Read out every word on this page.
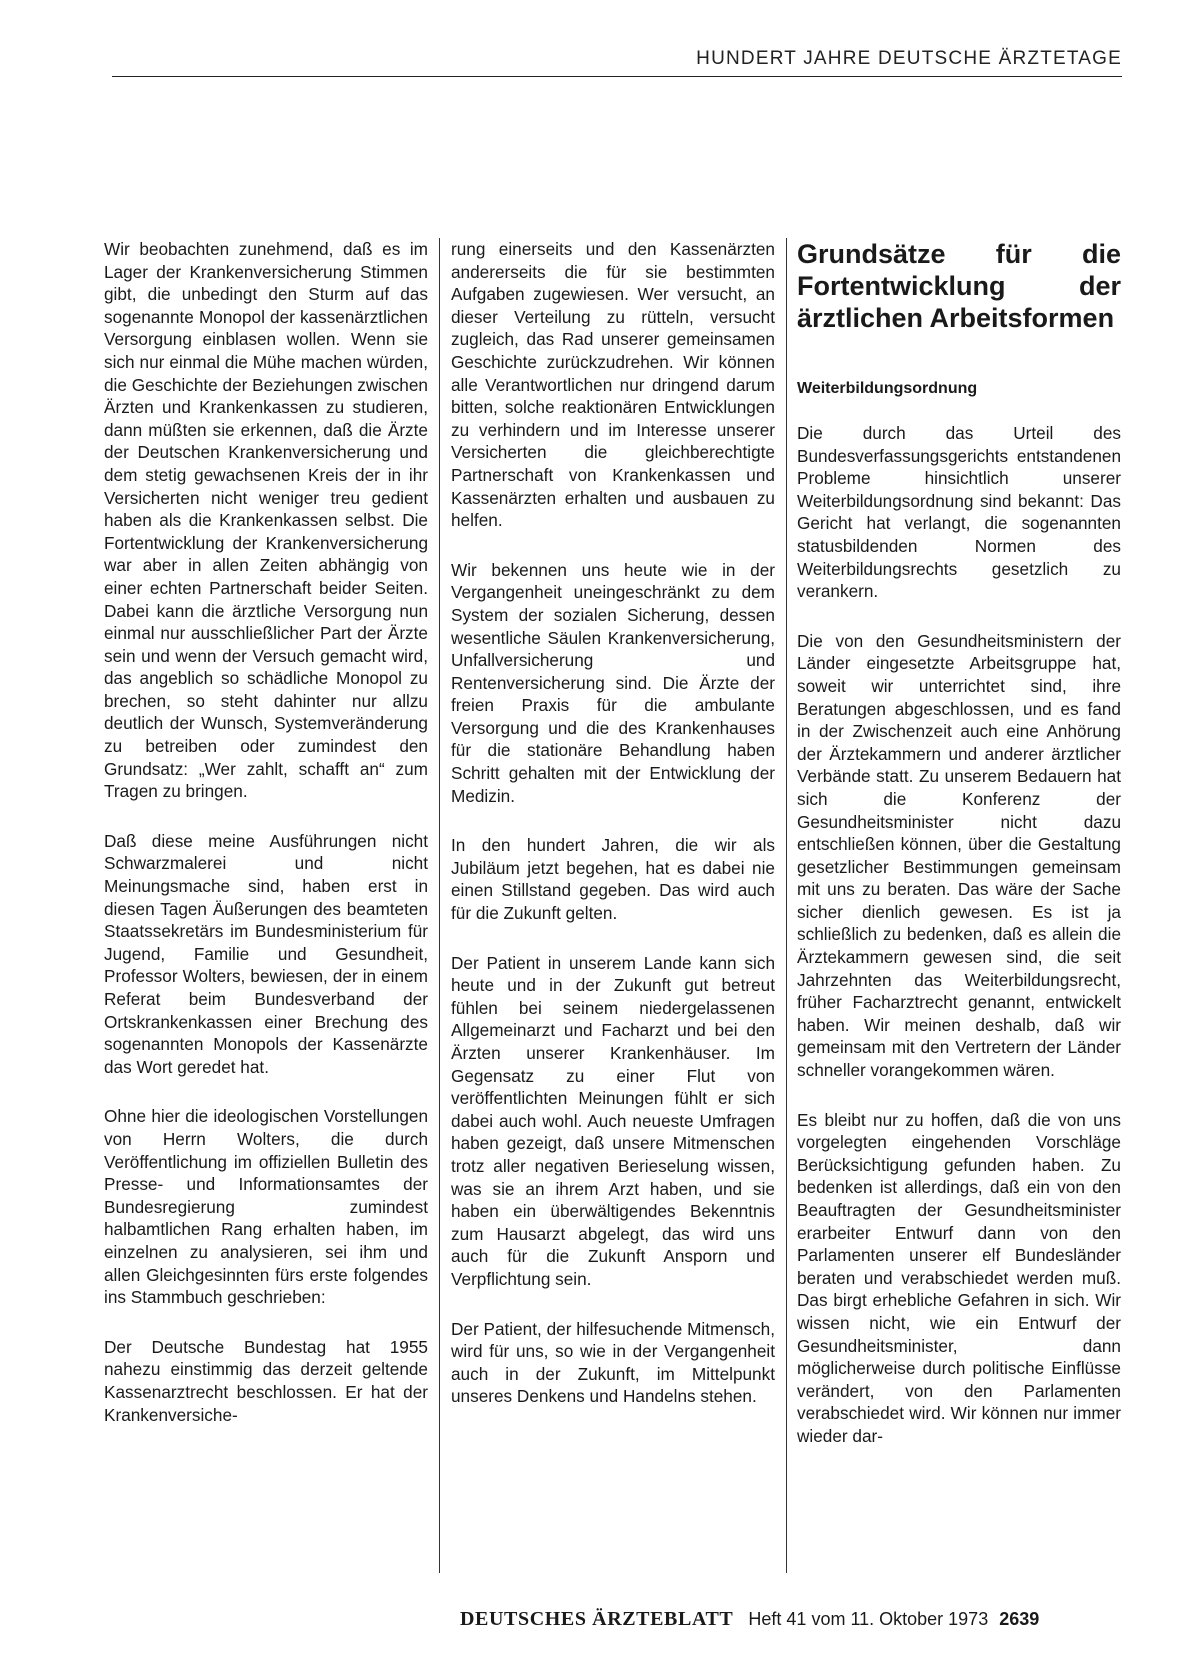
HUNDERT JAHRE DEUTSCHE ÄRZTETAGE

Wir beobachten zunehmend, daß es im Lager der Krankenversicherung Stimmen gibt, die unbedingt den Sturm auf das sogenannte Monopol der kassenärztlichen Versorgung einblasen wollen. Wenn sie sich nur einmal die Mühe machen würden, die Geschichte der Beziehungen zwischen Ärzten und Krankenkassen zu studieren, dann müßten sie erkennen, daß die Ärzte der Deutschen Krankenversicherung und dem stetig gewachsenen Kreis der in ihr Versicherten nicht weniger treu gedient haben als die Krankenkassen selbst. Die Fortentwicklung der Krankenversicherung war aber in allen Zeiten abhängig von einer echten Partnerschaft beider Seiten. Dabei kann die ärztliche Versorgung nun einmal nur ausschließlicher Part der Ärzte sein und wenn der Versuch gemacht wird, das angeblich so schädliche Monopol zu brechen, so steht dahinter nur allzu deutlich der Wunsch, Systemveränderung zu betreiben oder zumindest den Grundsatz: „Wer zahlt, schafft an“ zum Tragen zu bringen.

Daß diese meine Ausführungen nicht Schwarzmalerei und nicht Meinungsmache sind, haben erst in diesen Tagen Äußerungen des beamteten Staatssekretärs im Bundesministerium für Jugend, Familie und Gesundheit, Professor Wolters, bewiesen, der in einem Referat beim Bundesverband der Ortskrankenkassen einer Brechung des sogenannten Monopols der Kassenärzte das Wort geredet hat.

Ohne hier die ideologischen Vorstellungen von Herrn Wolters, die durch Veröffentlichung im offiziellen Bulletin des Presse- und Informationsamtes der Bundesregierung zumindest halbamtlichen Rang erhalten haben, im einzelnen zu analysieren, sei ihm und allen Gleichgesinnten fürs erste folgendes ins Stammbuch geschrieben:

Der Deutsche Bundestag hat 1955 nahezu einstimmig das derzeit geltende Kassenarztrecht beschlossen. Er hat der Krankenversiche-

rung einerseits und den Kassenärzten andererseits die für sie bestimmten Aufgaben zugewiesen. Wer versucht, an dieser Verteilung zu rütteln, versucht zugleich, das Rad unserer gemeinsamen Geschichte zurückzudrehen. Wir können alle Verantwortlichen nur dringend darum bitten, solche reaktionären Entwicklungen zu verhindern und im Interesse unserer Versicherten die gleichberechtigte Partnerschaft von Krankenkassen und Kassenärzten erhalten und ausbauen zu helfen.

Wir bekennen uns heute wie in der Vergangenheit uneingeschränkt zu dem System der sozialen Sicherung, dessen wesentliche Säulen Krankenversicherung, Unfallversicherung und Rentenversicherung sind. Die Ärzte der freien Praxis für die ambulante Versorgung und die des Krankenhauses für die stationäre Behandlung haben Schritt gehalten mit der Entwicklung der Medizin.

In den hundert Jahren, die wir als Jubiläum jetzt begehen, hat es dabei nie einen Stillstand gegeben. Das wird auch für die Zukunft gelten.

Der Patient in unserem Lande kann sich heute und in der Zukunft gut betreut fühlen bei seinem niedergelassenen Allgemeinarzt und Facharzt und bei den Ärzten unserer Krankenhäuser. Im Gegensatz zu einer Flut von veröffentlichten Meinungen fühlt er sich dabei auch wohl. Auch neueste Umfragen haben gezeigt, daß unsere Mitmenschen trotz aller negativen Berieselung wissen, was sie an ihrem Arzt haben, und sie haben ein überwältigendes Bekenntnis zum Hausarzt abgelegt, das wird uns auch für die Zukunft Ansporn und Verpflichtung sein.

Der Patient, der hilfesuchende Mitmensch, wird für uns, so wie in der Vergangenheit auch in der Zukunft, im Mittelpunkt unseres Denkens und Handelns stehen.

Grundsätze für die Fortentwicklung der ärztlichen Arbeitsformen
Weiterbildungsordnung

Die durch das Urteil des Bundesverfassungsgerichts entstandenen Probleme hinsichtlich unserer Weiterbildungsordnung sind bekannt: Das Gericht hat verlangt, die sogenannten statusbildenden Normen des Weiterbildungsrechts gesetzlich zu verankern.

Die von den Gesundheitsministern der Länder eingesetzte Arbeitsgruppe hat, soweit wir unterrichtet sind, ihre Beratungen abgeschlossen, und es fand in der Zwischenzeit auch eine Anhörung der Ärztekammern und anderer ärztlicher Verbände statt. Zu unserem Bedauern hat sich die Konferenz der Gesundheitsminister nicht dazu entschließen können, über die Gestaltung gesetzlicher Bestimmungen gemeinsam mit uns zu beraten. Das wäre der Sache sicher dienlich gewesen. Es ist ja schließlich zu bedenken, daß es allein die Ärztekammern gewesen sind, die seit Jahrzehnten das Weiterbildungsrecht, früher Facharztrecht genannt, entwickelt haben. Wir meinen deshalb, daß wir gemeinsam mit den Vertretern der Länder schneller vorangekommen wären.

Es bleibt nur zu hoffen, daß die von uns vorgelegten eingehenden Vorschläge Berücksichtigung gefunden haben. Zu bedenken ist allerdings, daß ein von den Beauftragten der Gesundheitsminister erarbeiter Entwurf dann von den Parlamenten unserer elf Bundesländer beraten und verabschiedet werden muß. Das birgt erhebliche Gefahren in sich. Wir wissen nicht, wie ein Entwurf der Gesundheitsminister, dann möglicherweise durch politische Einflüsse verändert, von den Parlamenten verabschiedet wird. Wir können nur immer wieder dar-

DEUTSCHES ÄRZTEBLATT Heft 41 vom 11. Oktober 1973 2639
